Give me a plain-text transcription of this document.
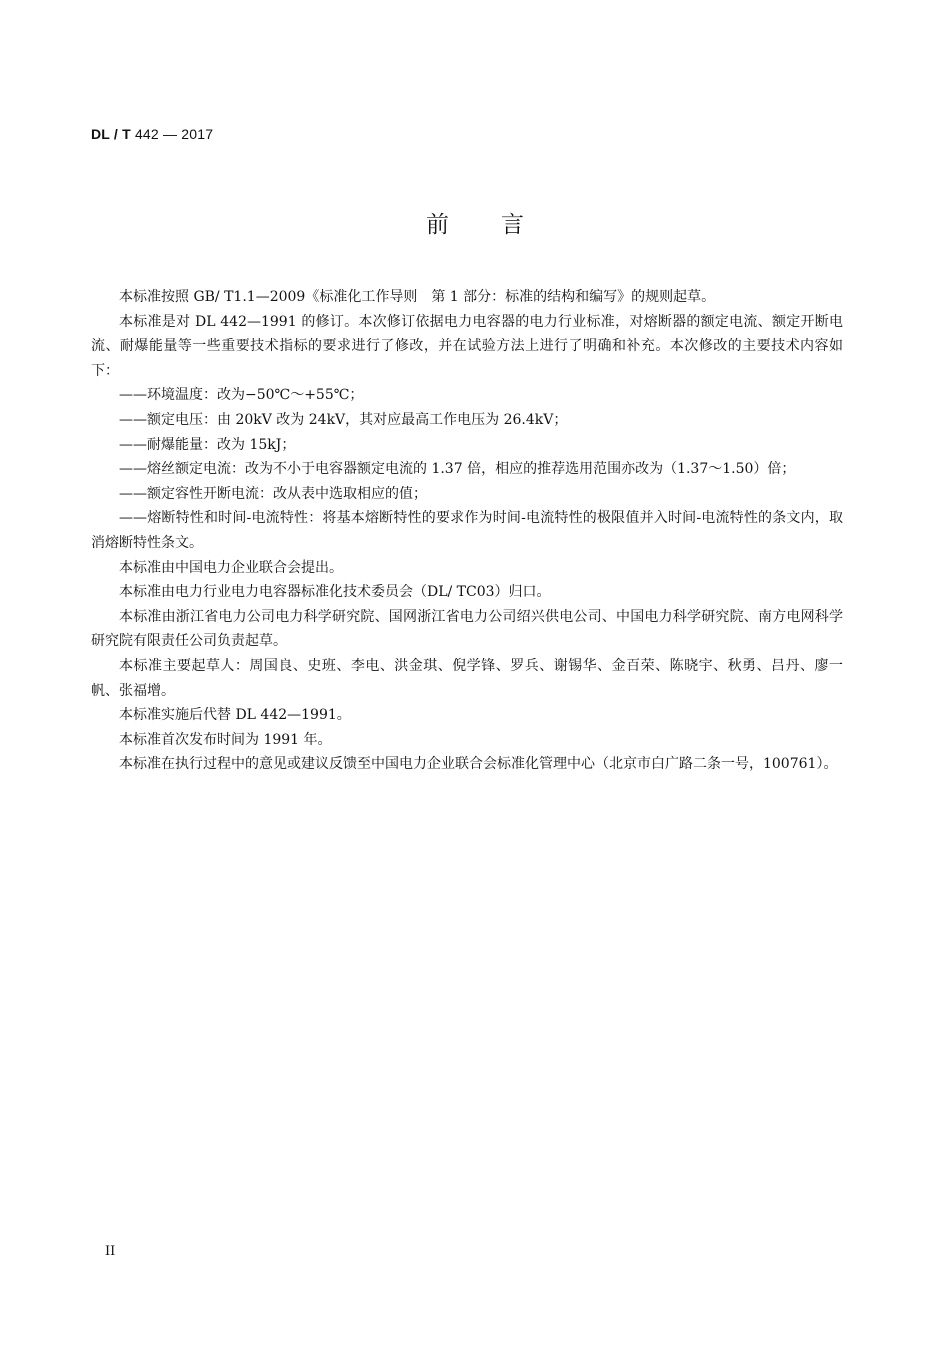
DL / T 442 — 2017
前言

本标准按照 GB/ T1.1—2009《标准化工作导则　第 1 部分：标准的结构和编写》的规则起草。

本标准是对 DL 442—1991 的修订。本次修订依据电力电容器的电力行业标准，对熔断器的额定电流、额定开断电流、耐爆能量等一些重要技术指标的要求进行了修改，并在试验方法上进行了明确和补充。本次修改的主要技术内容如下：

——环境温度：改为−50℃～+55℃；

——额定电压：由 20kV 改为 24kV，其对应最高工作电压为 26.4kV；

——耐爆能量：改为 15kJ；

——熔丝额定电流：改为不小于电容器额定电流的 1.37 倍，相应的推荐选用范围亦改为（1.37～1.50）倍；

——额定容性开断电流：改从表中选取相应的值；

——熔断特性和时间-电流特性：将基本熔断特性的要求作为时间-电流特性的极限值并入时间-电流特性的条文内，取消熔断特性条文。

本标准由中国电力企业联合会提出。

本标准由电力行业电力电容器标准化技术委员会（DL/ TC03）归口。

本标准由浙江省电力公司电力科学研究院、国网浙江省电力公司绍兴供电公司、中国电力科学研究院、南方电网科学研究院有限责任公司负责起草。

本标准主要起草人：周国良、史班、李电、洪金琪、倪学锋、罗兵、谢锡华、金百荣、陈晓宇、秋勇、吕丹、廖一帆、张福增。

本标准实施后代替 DL 442—1991。

本标准首次发布时间为 1991 年。

本标准在执行过程中的意见或建议反馈至中国电力企业联合会标准化管理中心（北京市白广路二条一号，100761）。

II
